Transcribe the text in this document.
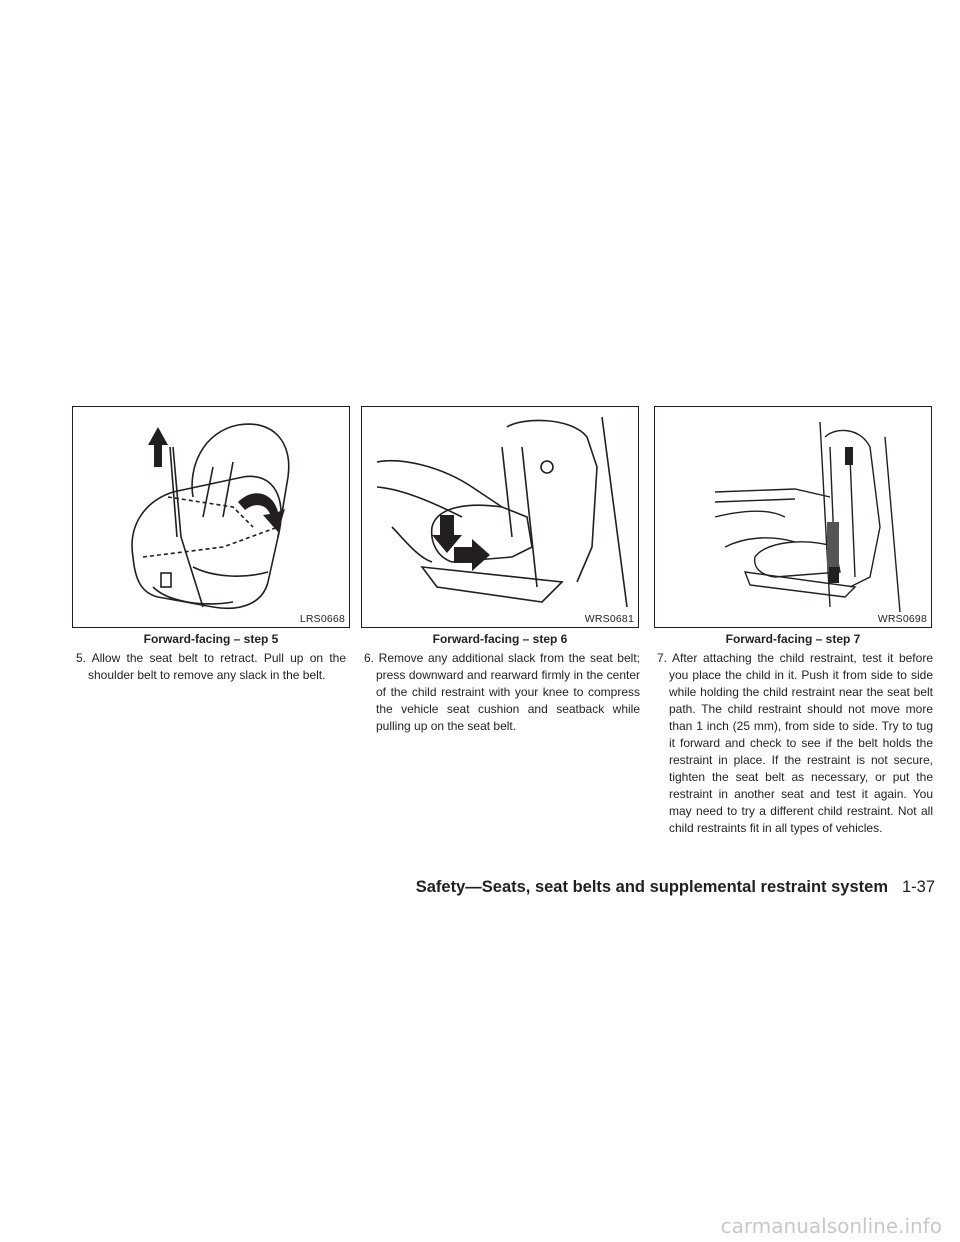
LRS0668
Forward-facing – step 5
5. Allow the seat belt to retract. Pull up on the shoulder belt to remove any slack in the belt.
WRS0681
Forward-facing – step 6
6. Remove any additional slack from the seat belt; press downward and rearward firmly in the center of the child restraint with your knee to compress the vehicle seat cushion and seatback while pulling up on the seat belt.
WRS0698
Forward-facing – step 7
7. After attaching the child restraint, test it before you place the child in it. Push it from side to side while holding the child restraint near the seat belt path. The child restraint should not move more than 1 inch (25 mm), from side to side. Try to tug it forward and check to see if the belt holds the restraint in place. If the restraint is not secure, tighten the seat belt as necessary, or put the restraint in another seat and test it again. You may need to try a different child restraint. Not all child restraints fit in all types of vehicles.
Safety—Seats, seat belts and supplemental restraint system 1-37
carmanualsonline.info
